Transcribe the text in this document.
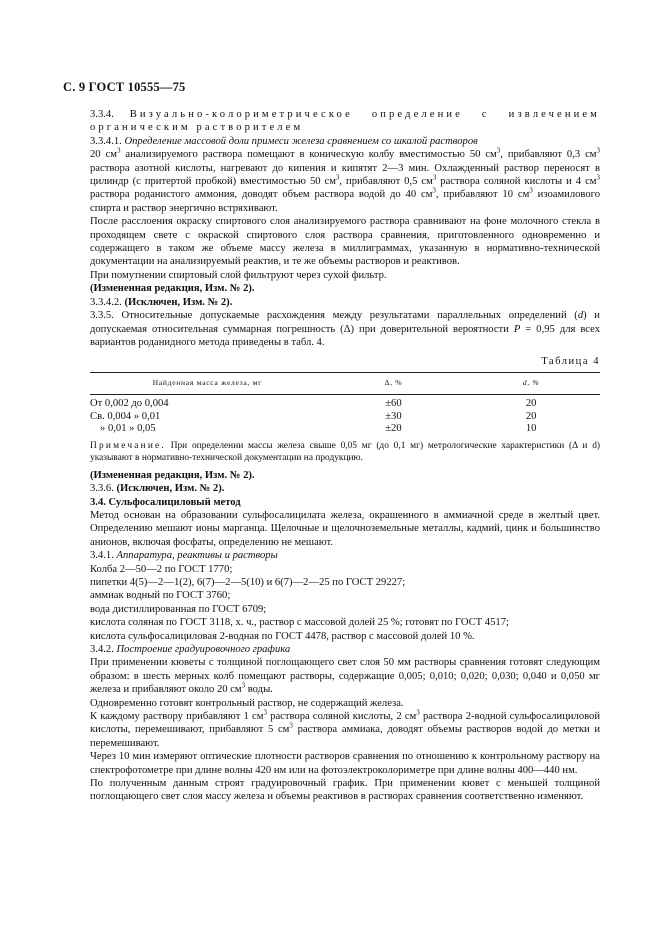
С. 9 ГОСТ 10555—75

3.3.4. Визуально-колориметрическое определение с извлечением органическим растворителем

3.3.4.1. Определение массовой доли примеси железа сравнением со шкалой растворов

20 $см^3$ анализируемого раствора помещают в коническую колбу вместимостью 50 $см^3$, прибавляют 0,3 $см^3$ раствора азотной кислоты, нагревают до кипения и кипятят 2—3 мин. Охлажденный раствор переносят в цилиндр (с притертой пробкой) вместимостью 50 $см^3$, прибавляют 0,5 $см^3$ раствора соляной кислоты и 4 $см^3$ раствора роданистого аммония, доводят объем раствора водой до 40 $см^3$, прибавляют 10 $см^3$ изоамилового спирта и раствор энергично встряхивают.

После расслоения окраску спиртового слоя анализируемого раствора сравнивают на фоне молочного стекла в проходящем свете с окраской спиртового слоя раствора сравнения, приготовленного одновременно и содержащего в таком же объеме массу железа в миллиграммах, указанную в нормативно-технической документации на анализируемый реактив, и те же объемы растворов и реактивов.

При помутнении спиртовый слой фильтруют через сухой фильтр.

(Измененная редакция, Изм. № 2).

3.3.4.2. (Исключен, Изм. № 2).

3.3.5. Относительные допускаемые расхождения между результатами параллельных определений (d) и допускаемая относительная суммарная погрешность (Δ) при доверительной вероятности P = 0,95 для всех вариантов роданидного метода приведены в табл. 4.

Таблица 4
Найденная масса железа, мг	Δ, %	d, %
От 0,002 до 0,004	±60	20
Св. 0,004 » 0,01	±30	20
» 0,01 » 0,05	±20	10

Примечание. При определении массы железа свыше 0,05 мг (до 0,1 мг) метрологические характеристики (Δ и d) указывают в нормативно-технической документации на продукцию.

(Измененная редакция, Изм. № 2).

3.3.6. (Исключен, Изм. № 2).

3.4. Сульфосалициловый метод

Метод основан на образовании сульфосалицилата железа, окрашенного в аммиачной среде в желтый цвет. Определению мешают ионы марганца. Щелочные и щелочноземельные металлы, кадмий, цинк и большинство анионов, включая фосфаты, определению не мешают.

3.4.1. Аппаратура, реактивы и растворы

Колба 2—50—2 по ГОСТ 1770;

пипетки 4(5)—2—1(2), 6(7)—2—5(10) и 6(7)—2—25 по ГОСТ 29227;

аммиак водный по ГОСТ 3760;

вода дистиллированная по ГОСТ 6709;

кислота соляная по ГОСТ 3118, х. ч., раствор с массовой долей 25 %; готовят по ГОСТ 4517;

кислота сульфосалициловая 2-водная по ГОСТ 4478, раствор с массовой долей 10 %.

3.4.2. Построение градуировочного графика

При применении кюветы с толщиной поглощающего свет слоя 50 мм растворы сравнения готовят следующим образом: в шесть мерных колб помещают растворы, содержащие 0,005; 0,010; 0,020; 0,030; 0,040 и 0,050 мг железа и прибавляют около 20 $см^3$ воды.

Одновременно готовят контрольный раствор, не содержащий железа.

К каждому раствору прибавляют 1 $см^3$ раствора соляной кислоты, 2 $см^3$ раствора 2-водной сульфосалициловой кислоты, перемешивают, прибавляют 5 $см^3$ раствора аммиака, доводят объемы растворов водой до метки и перемешивают.

Через 10 мин измеряют оптические плотности растворов сравнения по отношению к контрольному раствору на спектрофотометре при длине волны 420 нм или на фотоэлектроколориметре при длине волны 400—440 нм.

По полученным данным строят градуировочный график. При применении кювет с меньшей толщиной поглощающего свет слоя массу железа и объемы реактивов в растворах сравнения соответственно изменяют.
